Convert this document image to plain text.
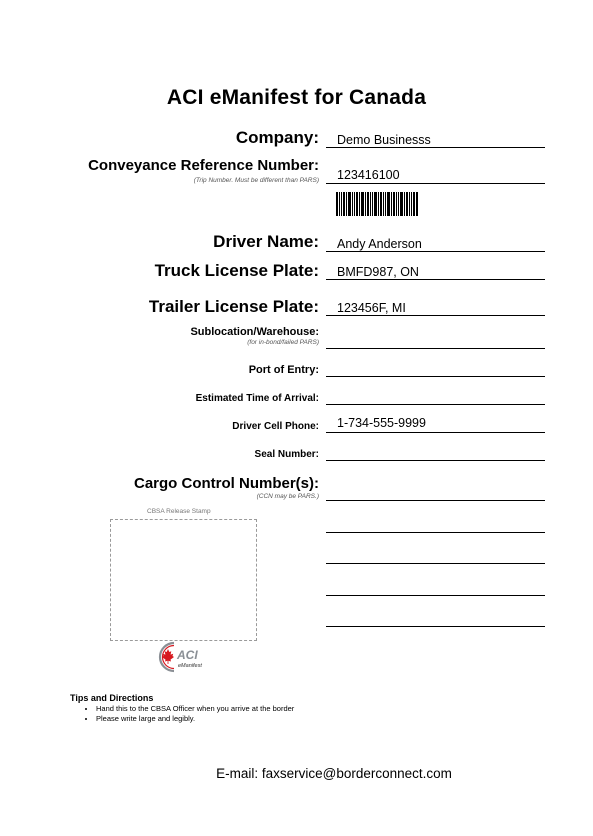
ACI eManifest for Canada
Company: Demo Businesss
Conveyance Reference Number:
(Trip Number. Must be different than PARS) 123416100
Driver Name: Andy Anderson
Truck License Plate: BMFD987, ON
Trailer License Plate: 123456F, MI
Sublocation/Warehouse:
(for in-bond/failed PARS)
Port of Entry:
Estimated Time of Arrival:
Driver Cell Phone: 1-734-555-9999
Seal Number:
Cargo Control Number(s):
(CCN may be PARS.)
CBSA Release Stamp
ACI
eManifest
Tips and Directions
• Hand this to the CBSA Officer when you arrive at the border
• Please write large and legibly.
E-mail: faxservice@borderconnect.com
